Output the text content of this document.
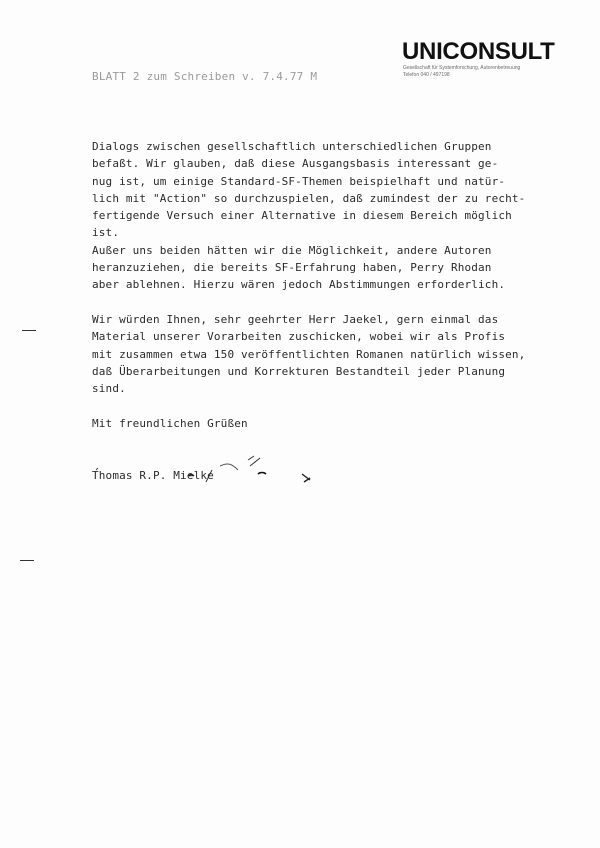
UNICONSULT
Gesellschaft für Systemforschung, Autorenbetreuung
Telefon 040 / 497198
BLATT 2 zum Schreiben v. 7.4.77 M
Dialogs zwischen gesellschaftlich unterschiedlichen Gruppen
befaßt. Wir glauben, daß diese Ausgangsbasis interessant ge-
nug ist, um einige Standard-SF-Themen beispielhaft und natür-
lich mit "Action" so durchzuspielen, daß zumindest der zu recht-
fertigende Versuch einer Alternative in diesem Bereich möglich
ist.
Außer uns beiden hätten wir die Möglichkeit, andere Autoren
heranzuziehen, die bereits SF-Erfahrung haben, Perry Rhodan
aber ablehnen. Hierzu wären jedoch Abstimmungen erforderlich.
Wir würden Ihnen, sehr geehrter Herr Jaekel, gern einmal das
Material unserer Vorarbeiten zuschicken, wobei wir als Profis
mit zusammen etwa 150 veröffentlichten Romanen natürlich wissen,
daß Überarbeitungen und Korrekturen Bestandteil jeder Planung
sind.
Mit freundlichen Grüßen
Thomas R.P. Mielke
